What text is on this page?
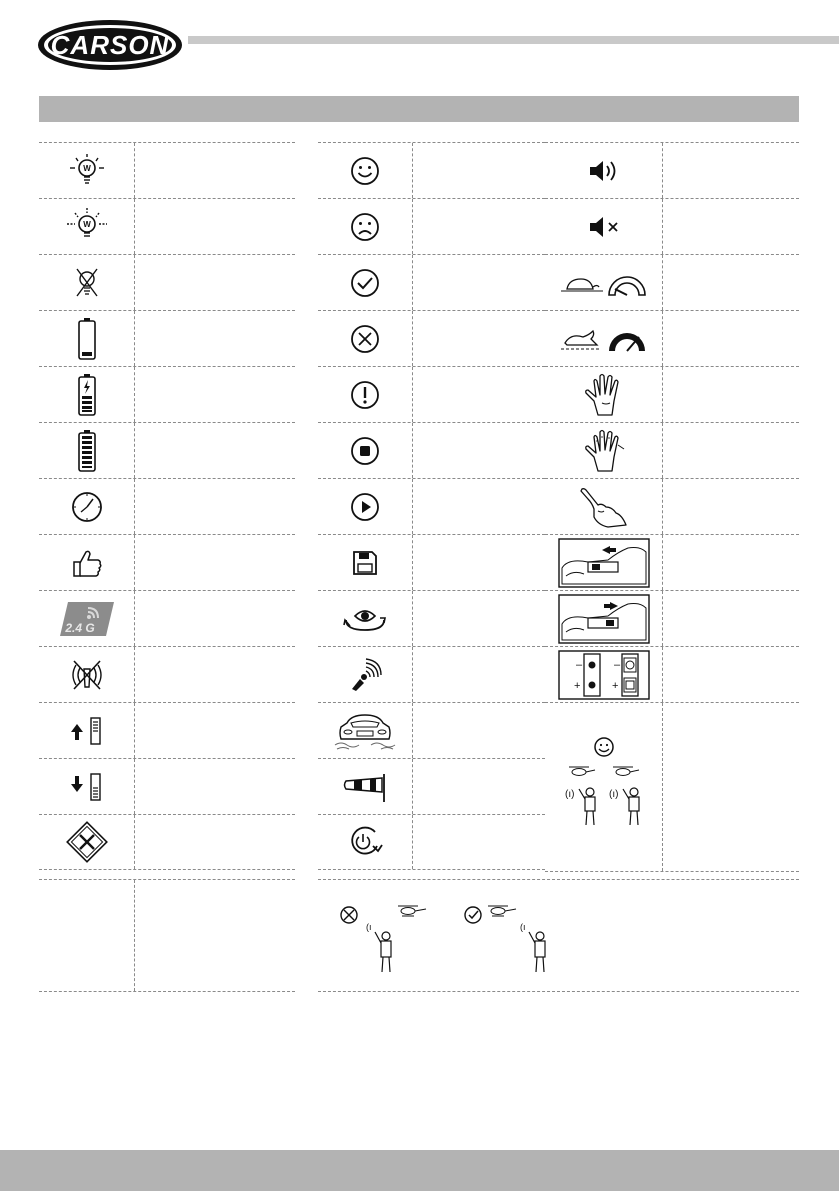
CARSON
W
W
2.4 G
–
+
–
+
(ı)	(ı)
(ı	(ı
